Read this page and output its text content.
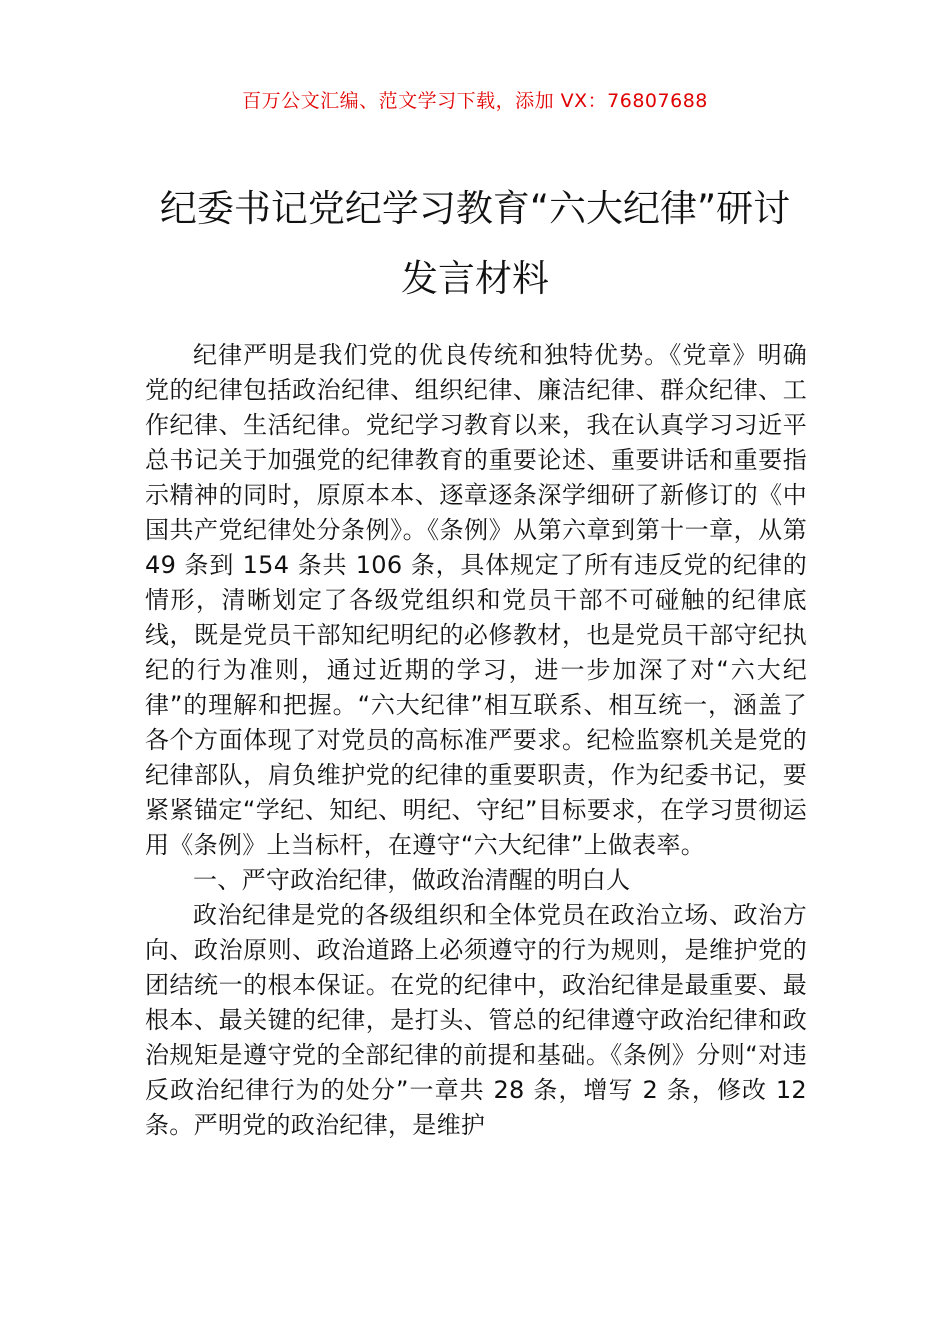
百万公文汇编、范文学习下载，添加 VX：76807688
纪委书记党纪学习教育“六大纪律”研讨
发言材料

纪律严明是我们党的优良传统和独特优势。《党章》明确党的纪律包括政治纪律、组织纪律、廉洁纪律、群众纪律、工作纪律、生活纪律。党纪学习教育以来，我在认真学习习近平总书记关于加强党的纪律教育的重要论述、重要讲话和重要指示精神的同时，原原本本、逐章逐条深学细研了新修订的《中国共产党纪律处分条例》。《条例》从第六章到第十一章，从第 49 条到 154 条共 106 条，具体规定了所有违反党的纪律的情形，清晰划定了各级党组织和党员干部不可碰触的纪律底线，既是党员干部知纪明纪的必修教材，也是党员干部守纪执纪的行为准则，通过近期的学习，进一步加深了对“六大纪律”的理解和把握。“六大纪律”相互联系、相互统一，涵盖了各个方面体现了对党员的高标准严要求。纪检监察机关是党的纪律部队，肩负维护党的纪律的重要职责，作为纪委书记，要紧紧锚定“学纪、知纪、明纪、守纪”目标要求，在学习贯彻运用《条例》上当标杆，在遵守“六大纪律”上做表率。

一、严守政治纪律，做政治清醒的明白人

政治纪律是党的各级组织和全体党员在政治立场、政治方向、政治原则、政治道路上必须遵守的行为规则，是维护党的团结统一的根本保证。在党的纪律中，政治纪律是最重要、最根本、最关键的纪律，是打头、管总的纪律遵守政治纪律和政治规矩是遵守党的全部纪律的前提和基础。《条例》分则“对违反政治纪律行为的处分”一章共 28 条，增写 2 条，修改 12 条。严明党的政治纪律，是维护
